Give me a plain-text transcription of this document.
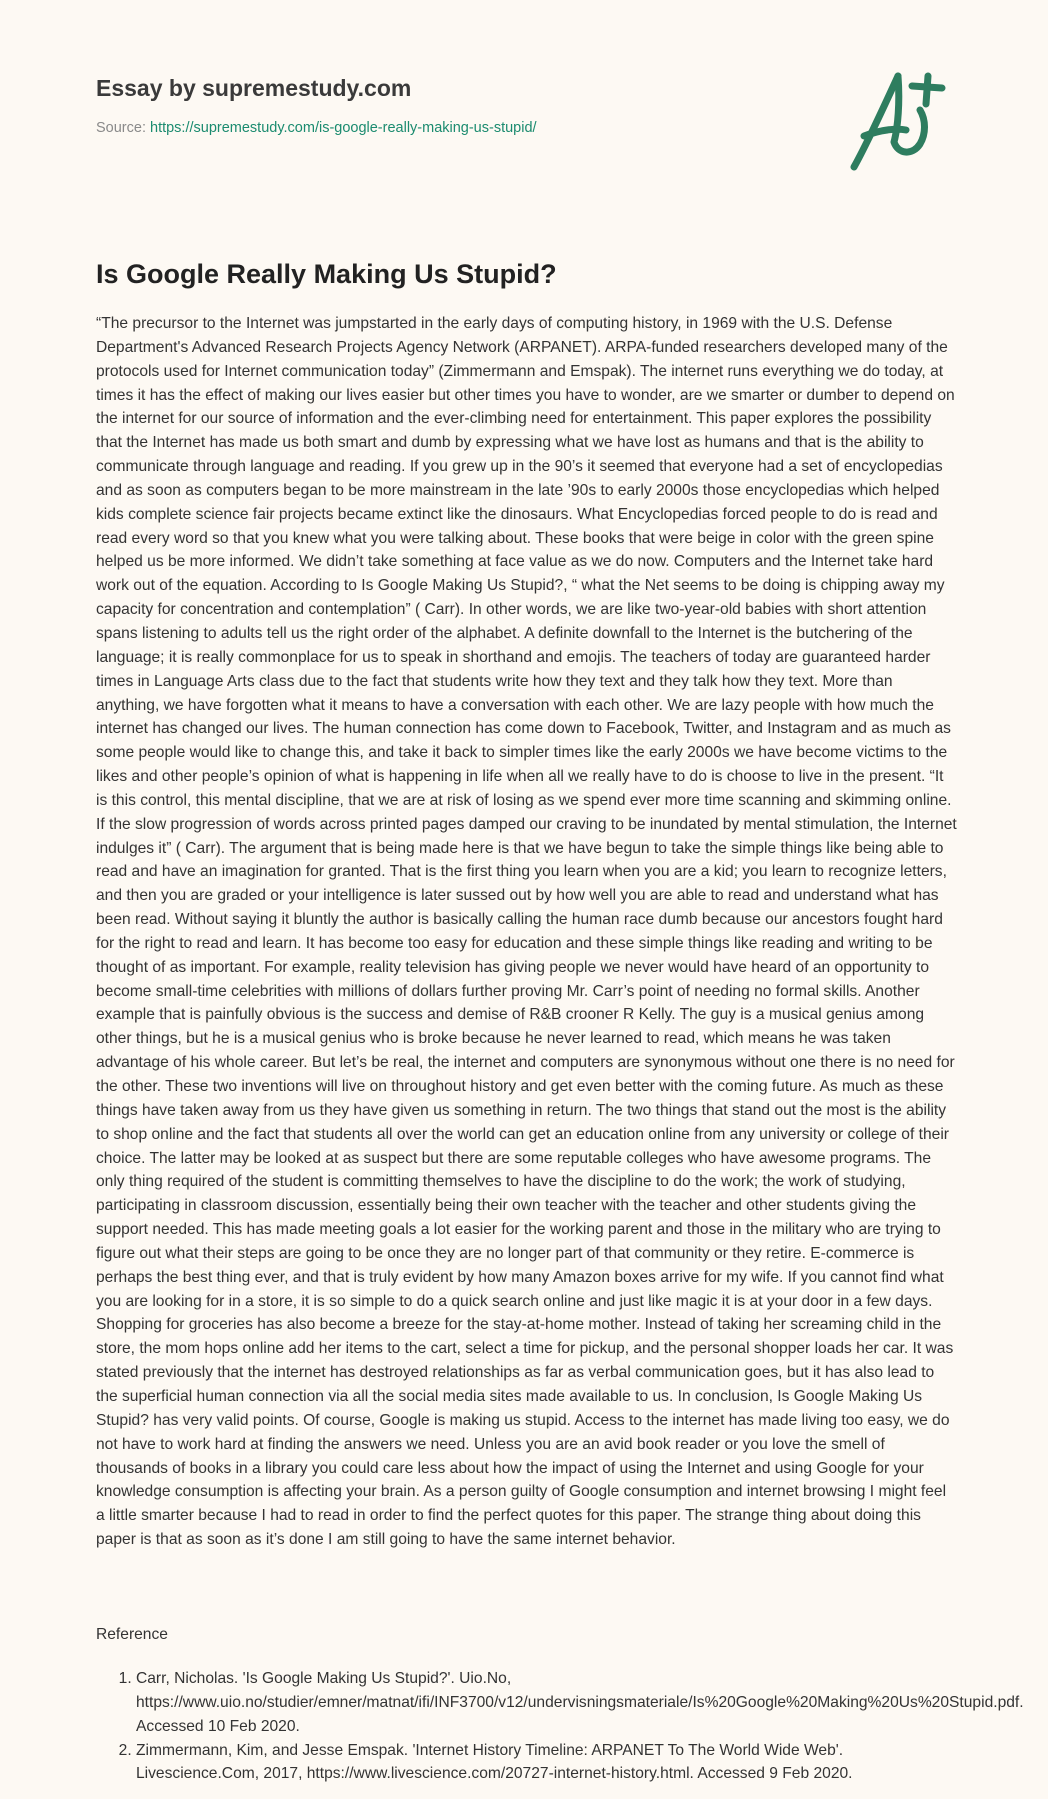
Essay by supremestudy.com
Source: https://supremestudy.com/is-google-really-making-us-stupid/
Is Google Really Making Us Stupid?

“The precursor to the Internet was jumpstarted in the early days of computing history, in 1969 with the U.S. Defense Department's Advanced Research Projects Agency Network (ARPANET). ARPA-funded researchers developed many of the protocols used for Internet communication today” (Zimmermann and Emspak). The internet runs everything we do today, at times it has the effect of making our lives easier but other times you have to wonder, are we smarter or dumber to depend on the internet for our source of information and the ever-climbing need for entertainment. This paper explores the possibility that the Internet has made us both smart and dumb by expressing what we have lost as humans and that is the ability to communicate through language and reading. If you grew up in the 90’s it seemed that everyone had a set of encyclopedias and as soon as computers began to be more mainstream in the late ’90s to early 2000s those encyclopedias which helped kids complete science fair projects became extinct like the dinosaurs. What Encyclopedias forced people to do is read and read every word so that you knew what you were talking about. These books that were beige in color with the green spine helped us be more informed. We didn’t take something at face value as we do now. Computers and the Internet take hard work out of the equation. According to Is Google Making Us Stupid?, “ what the Net seems to be doing is chipping away my capacity for concentration and contemplation” ( Carr). In other words, we are like two-year-old babies with short attention spans listening to adults tell us the right order of the alphabet. A definite downfall to the Internet is the butchering of the language; it is really commonplace for us to speak in shorthand and emojis. The teachers of today are guaranteed harder times in Language Arts class due to the fact that students write how they text and they talk how they text. More than anything, we have forgotten what it means to have a conversation with each other. We are lazy people with how much the internet has changed our lives. The human connection has come down to Facebook, Twitter, and Instagram and as much as some people would like to change this, and take it back to simpler times like the early 2000s we have become victims to the likes and other people’s opinion of what is happening in life when all we really have to do is choose to live in the present. “It is this control, this mental discipline, that we are at risk of losing as we spend ever more time scanning and skimming online. If the slow progression of words across printed pages damped our craving to be inundated by mental stimulation, the Internet indulges it” ( Carr). The argument that is being made here is that we have begun to take the simple things like being able to read and have an imagination for granted. That is the first thing you learn when you are a kid; you learn to recognize letters, and then you are graded or your intelligence is later sussed out by how well you are able to read and understand what has been read. Without saying it bluntly the author is basically calling the human race dumb because our ancestors fought hard for the right to read and learn. It has become too easy for education and these simple things like reading and writing to be thought of as important. For example, reality television has giving people we never would have heard of an opportunity to become small-time celebrities with millions of dollars further proving Mr. Carr’s point of needing no formal skills. Another example that is painfully obvious is the success and demise of R&B crooner R Kelly. The guy is a musical genius among other things, but he is a musical genius who is broke because he never learned to read, which means he was taken advantage of his whole career. But let’s be real, the internet and computers are synonymous without one there is no need for the other. These two inventions will live on throughout history and get even better with the coming future. As much as these things have taken away from us they have given us something in return. The two things that stand out the most is the ability to shop online and the fact that students all over the world can get an education online from any university or college of their choice. The latter may be looked at as suspect but there are some reputable colleges who have awesome programs. The only thing required of the student is committing themselves to have the discipline to do the work; the work of studying, participating in classroom discussion, essentially being their own teacher with the teacher and other students giving the support needed. This has made meeting goals a lot easier for the working parent and those in the military who are trying to figure out what their steps are going to be once they are no longer part of that community or they retire. E-commerce is perhaps the best thing ever, and that is truly evident by how many Amazon boxes arrive for my wife. If you cannot find what you are looking for in a store, it is so simple to do a quick search online and just like magic it is at your door in a few days. Shopping for groceries has also become a breeze for the stay-at-home mother. Instead of taking her screaming child in the store, the mom hops online add her items to the cart, select a time for pickup, and the personal shopper loads her car. It was stated previously that the internet has destroyed relationships as far as verbal communication goes, but it has also lead to the superficial human connection via all the social media sites made available to us. In conclusion, Is Google Making Us Stupid? has very valid points. Of course, Google is making us stupid. Access to the internet has made living too easy, we do not have to work hard at finding the answers we need. Unless you are an avid book reader or you love the smell of thousands of books in a library you could care less about how the impact of using the Internet and using Google for your knowledge consumption is affecting your brain. As a person guilty of Google consumption and internet browsing I might feel a little smarter because I had to read in order to find the perfect quotes for this paper. The strange thing about doing this paper is that as soon as it’s done I am still going to have the same internet behavior.

Reference
1. Carr, Nicholas. 'Is Google Making Us Stupid?'. Uio.No,
https://www.uio.no/studier/emner/matnat/ifi/INF3700/v12/undervisningsmateriale/Is%20Google%20Making%20Us%20Stupid.pdf.
Accessed 10 Feb 2020.
2. Zimmermann, Kim, and Jesse Emspak. 'Internet History Timeline: ARPANET To The World Wide Web'.
Livescience.Com, 2017, https://www.livescience.com/20727-internet-history.html. Accessed 9 Feb 2020.
